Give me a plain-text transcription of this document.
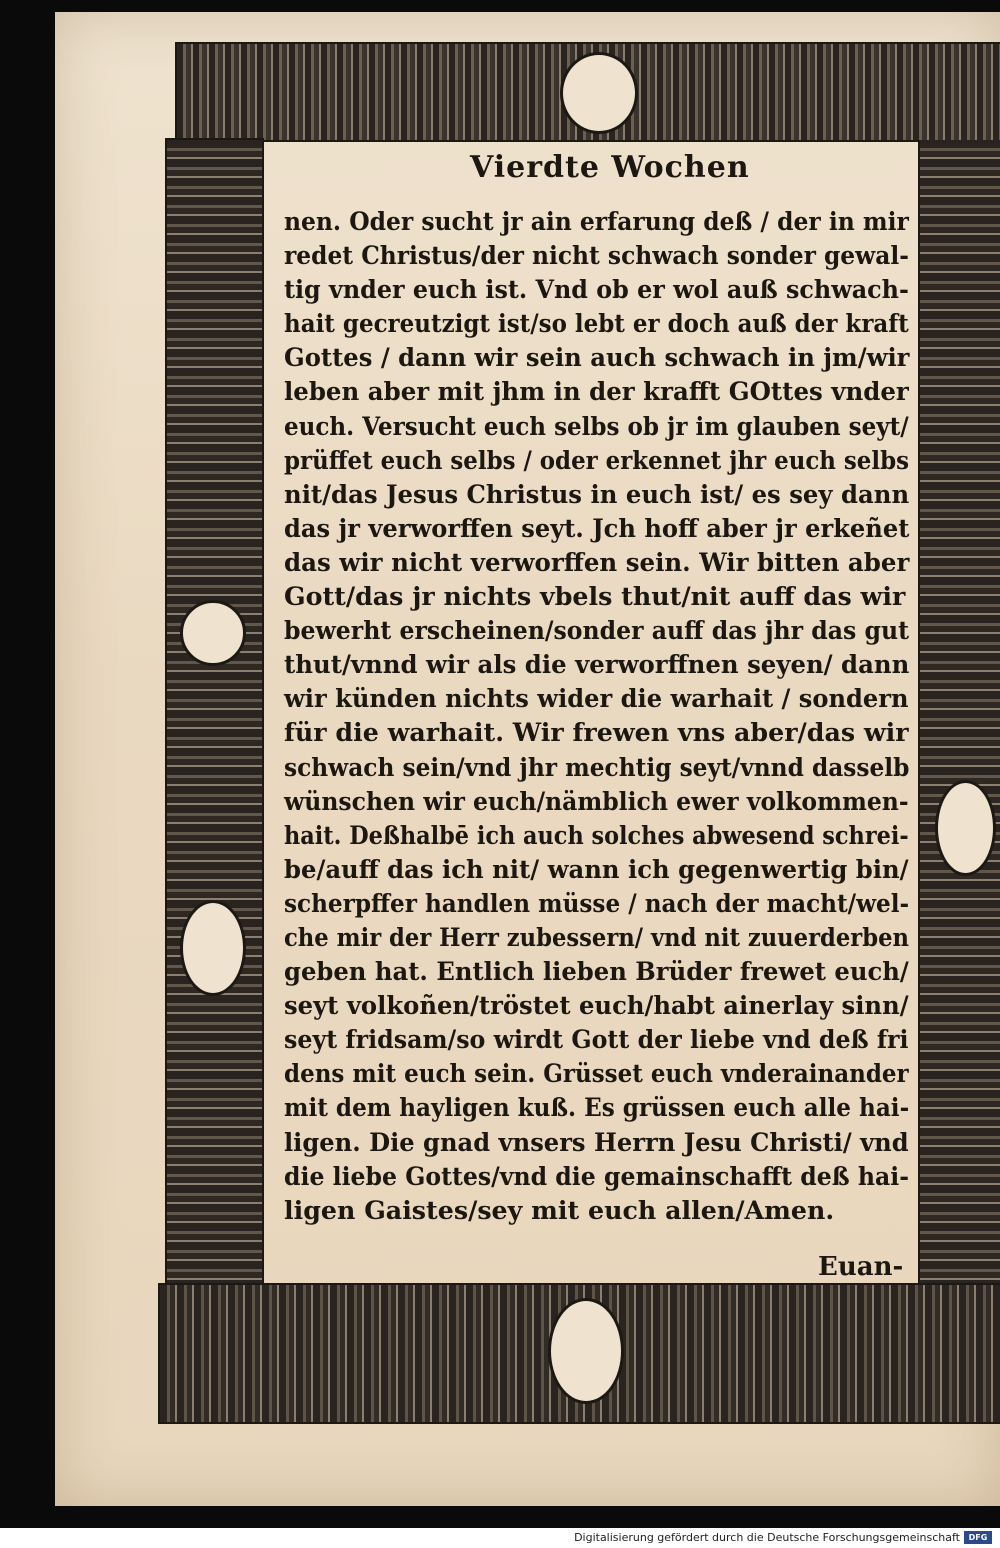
Vierdte Wochen
nen. Oder sucht jr ain erfarung deß / der in mir
redet Christus/der nicht schwach sonder gewal-
tig vnder euch ist. Vnd ob er wol auß schwach-
hait gecreutzigt ist/so lebt er doch auß der kraft
Gottes / dann wir sein auch schwach in jm/wir
leben aber mit jhm in der krafft GOttes vnder
euch. Versucht euch selbs ob jr im glauben seyt/
prüffet euch selbs / oder erkennet jhr euch selbs
nit/das Jesus Christus in euch ist/ es sey dann
das jr verworffen seyt. Jch hoff aber jr erkeñet
das wir nicht verworffen sein. Wir bitten aber
Gott/das jr nichts vbels thut/nit auff das wir
bewerht erscheinen/sonder auff das jhr das gut
thut/vnnd wir als die verworffnen seyen/ dann
wir künden nichts wider die warhait / sondern
für die warhait. Wir frewen vns aber/das wir
schwach sein/vnd jhr mechtig seyt/vnnd dasselb
wünschen wir euch/nämblich ewer volkommen-
hait. Deßhalbē ich auch solches abwesend schrei-
be/auff das ich nit/ wann ich gegenwertig bin/
scherpffer handlen müsse / nach der macht/wel-
che mir der Herr zubessern/ vnd nit zuuerderben
geben hat. Entlich lieben Brüder frewet euch/
seyt volkoñen/tröstet euch/habt ainerlay sinn/
seyt fridsam/so wirdt Gott der liebe vnd deß fri
dens mit euch sein. Grüsset euch vnderainander
mit dem hayligen kuß. Es grüssen euch alle hai-
ligen. Die gnad vnsers Herrn Jesu Christi/ vnd
die liebe Gottes/vnd die gemainschafft deß hai-
ligen Gaistes/sey mit euch allen/Amen.
Euan-
Digitalisierung gefördert durch die Deutsche Forschungsgemeinschaft	DFG
